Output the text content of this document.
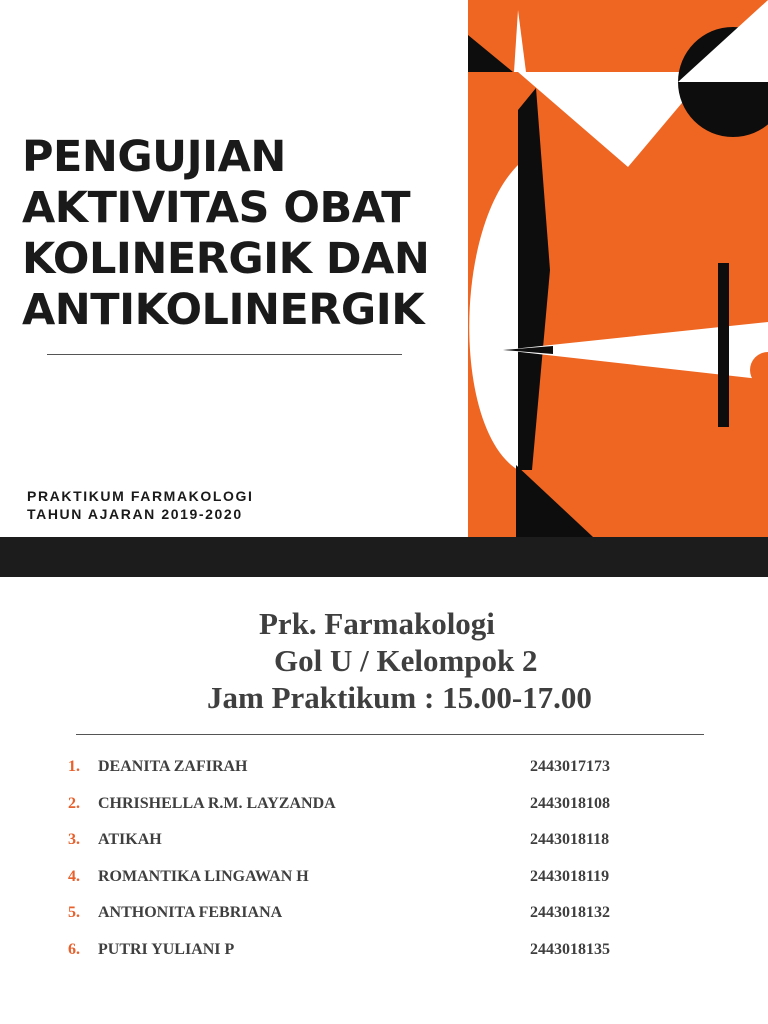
PENGUJIAN
AKTIVITAS OBAT
KOLINERGIK DAN
ANTIKOLINERGIK
PRAKTIKUM FARMAKOLOGI
TAHUN AJARAN 2019-2020
Prk. Farmakologi
Gol U / Kelompok 2
Jam Praktikum : 15.00-17.00
1. DEANITA ZAFIRAH	2443017173
2. CHRISHELLA R.M. LAYZANDA	2443018108
3. ATIKAH	2443018118
4. ROMANTIKA LINGAWAN H	2443018119
5. ANTHONITA FEBRIANA	2443018132
6. PUTRI YULIANI P	2443018135
